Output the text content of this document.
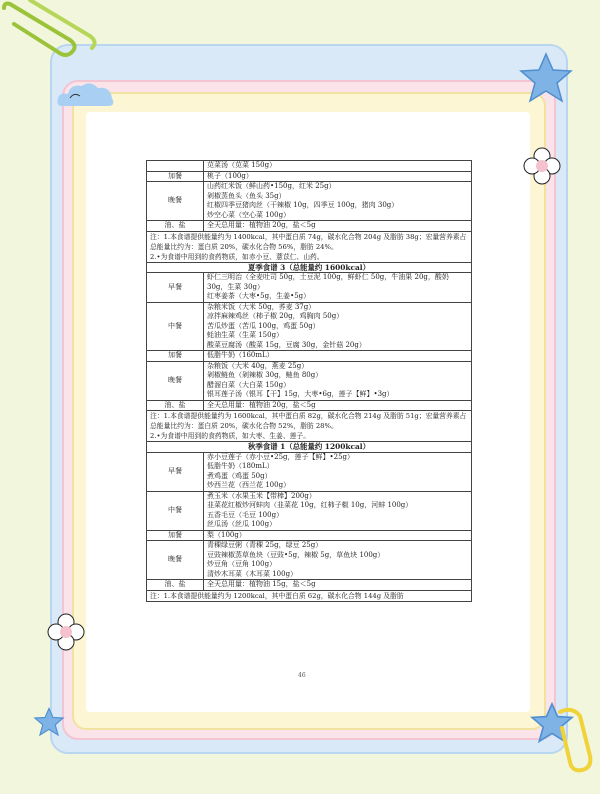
	苋菜汤（苋菜 150g）

加餐	桃子（100g）

晚餐	山药红米饭（鲜山药•150g，红米 25g）
剁椒蒸鱼头（鱼头 35g）
红椒四季豆猪肉丝（干辣椒 10g，四季豆 100g，猪肉 30g）
炒空心菜（空心菜 100g）

油、盐	全天总用量：植物油 20g，盐＜5g

注：1.本食谱提供能量约为 1400kcal，其中蛋白质 74g，碳水化合物 204g 及脂肪 38g；宏量营养素占总能量比约为：蛋白质 20%，碳水化合物 56%，脂肪 24%。
2.•为食谱中用到的食药物质，如赤小豆、薏苡仁、山药。	

夏季食谱 3（总能量约 1600kcal）	
早餐	虾仁三明治（全麦吐司 50g，土豆泥 100g，鲜虾仁 50g，牛油果 20g，酸奶 30g，生菜 30g）
红枣姜茶（大枣•5g，生姜•5g）

中餐	杂粮米饭（大米 50g，荞麦 37g）
凉拌麻辣鸡丝（柿子椒 20g，鸡胸肉 50g）
苦瓜炒蛋（苦瓜 100g，鸡蛋 50g）
蚝油生菜（生菜 150g）
酸菜豆腐汤（酸菜 15g，豆腐 30g，金针菇 20g）

加餐	低脂牛奶（160mL）

晚餐	杂粮饭（大米 40g，燕麦 25g）
剁椒鲢鱼（剁辣椒 30g，鲢鱼 80g）
醋溜白菜（大白菜 150g）
银耳莲子汤（银耳【干】15g，大枣•6g，莲子【鲜】•3g）

油、盐	全天总用量：植物油 20g，盐＜5g

注：1.本食谱提供能量约为 1600kcal，其中蛋白质 82g，碳水化合物 214g 及脂肪 51g；宏量营养素占总能量比约为：蛋白质 20%，碳水化合物 52%，脂肪 28%。
2.•为食谱中用到的食药物质，如大枣、生姜、莲子。	

秋季食谱 1（总能量约 1200kcal）	
早餐	赤小豆莲子（赤小豆•25g，莲子【鲜】•25g）
低脂牛奶（180mL）
煮鸡蛋（鸡蛋 50g）
炒西兰花（西兰花 100g）

中餐	煮玉米（水果玉米【带棒】200g）
韭菜花红椒炒河蚌肉（韭菜花 10g，红柿子椒 10g，河蚌 100g）
五香毛豆（毛豆 100g）
丝瓜汤（丝瓜 100g）

加餐	梨（100g）

晚餐	青稞绿豆粥（青稞 25g，绿豆 25g）
豆豉辣椒蒸草鱼块（豆豉•5g，辣椒 5g，草鱼块 100g）
炒豆角（豆角 100g）
清炒木耳菜（木耳菜 100g）

油、盐	全天总用量：植物油 15g，盐＜5g

注：1.本食谱提供能量约为 1200kcal，其中蛋白质 62g，碳水化合物 144g 及脂肪	
46
